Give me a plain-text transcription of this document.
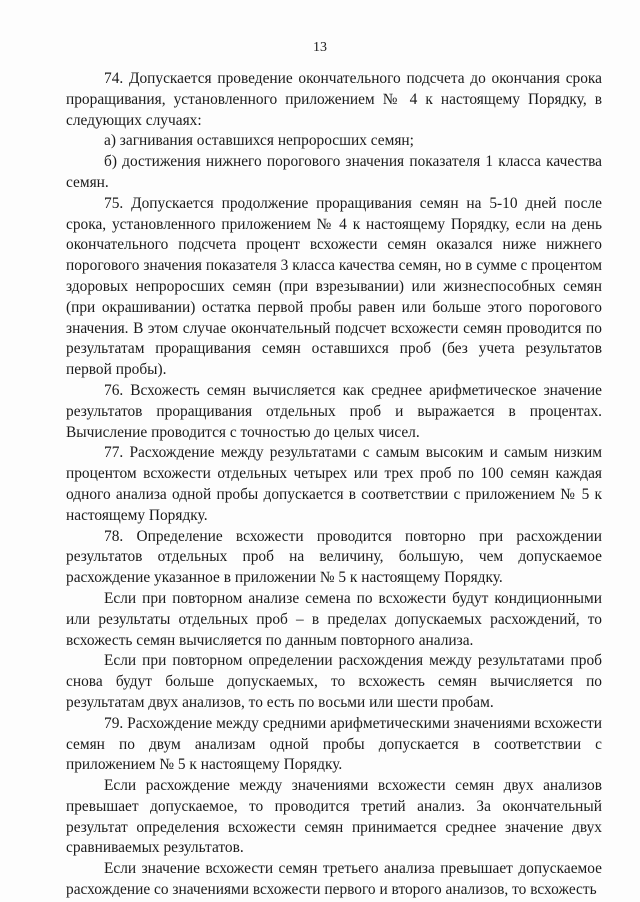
13

74. Допускается проведение окончательного подсчета до окончания срока проращивания, установленного приложением № 4 к настоящему Порядку, в следующих случаях:

а) загнивания оставшихся непроросших семян;

б) достижения нижнего порогового значения показателя 1 класса качества семян.

75. Допускается продолжение проращивания семян на 5-10 дней после срока, установленного приложением № 4 к настоящему Порядку, если на день окончательного подсчета процент всхожести семян оказался ниже нижнего порогового значения показателя 3 класса качества семян, но в сумме с процентом здоровых непроросших семян (при взрезывании) или жизнеспособных семян (при окрашивании) остатка первой пробы равен или больше этого порогового значения. В этом случае окончательный подсчет всхожести семян проводится по результатам проращивания семян оставшихся проб (без учета результатов первой пробы).

76. Всхожесть семян вычисляется как среднее арифметическое значение результатов проращивания отдельных проб и выражается в процентах. Вычисление проводится с точностью до целых чисел.

77. Расхождение между результатами с самым высоким и самым низким процентом всхожести отдельных четырех или трех проб по 100 семян каждая одного анализа одной пробы допускается в соответствии с приложением № 5 к настоящему Порядку.

78. Определение всхожести проводится повторно при расхождении результатов отдельных проб на величину, большую, чем допускаемое расхождение указанное в приложении № 5 к настоящему Порядку.

Если при повторном анализе семена по всхожести будут кондиционными или результаты отдельных проб – в пределах допускаемых расхождений, то всхожесть семян вычисляется по данным повторного анализа.

Если при повторном определении расхождения между результатами проб снова будут больше допускаемых, то всхожесть семян вычисляется по результатам двух анализов, то есть по восьми или шести пробам.

79. Расхождение между средними арифметическими значениями всхожести семян по двум анализам одной пробы допускается в соответствии с приложением № 5 к настоящему Порядку.

Если расхождение между значениями всхожести семян двух анализов превышает допускаемое, то проводится третий анализ. За окончательный результат определения всхожести семян принимается среднее значение двух сравниваемых результатов.

Если значение всхожести семян третьего анализа превышает допускаемое расхождение со значениями всхожести первого и второго анализов, то всхожесть
